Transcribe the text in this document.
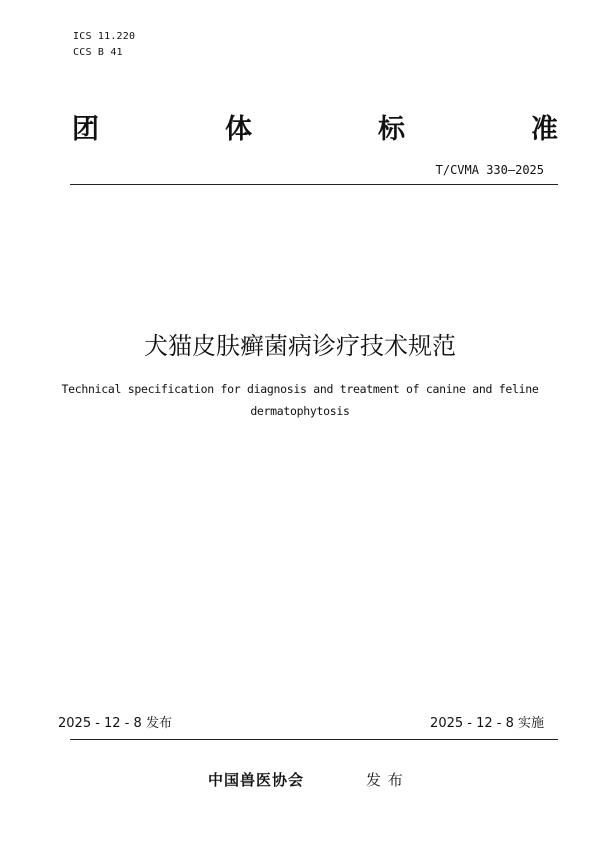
ICS 11.220
CCS B 41
团	体	标	准
T/CVMA 330—2025
犬猫皮肤癣菌病诊疗技术规范
Technical specification for diagnosis and treatment of canine and feline
dermatophytosis
2025 - 12 - 8 发布	2025 - 12 - 8 实施
中国兽医协会	发 布
